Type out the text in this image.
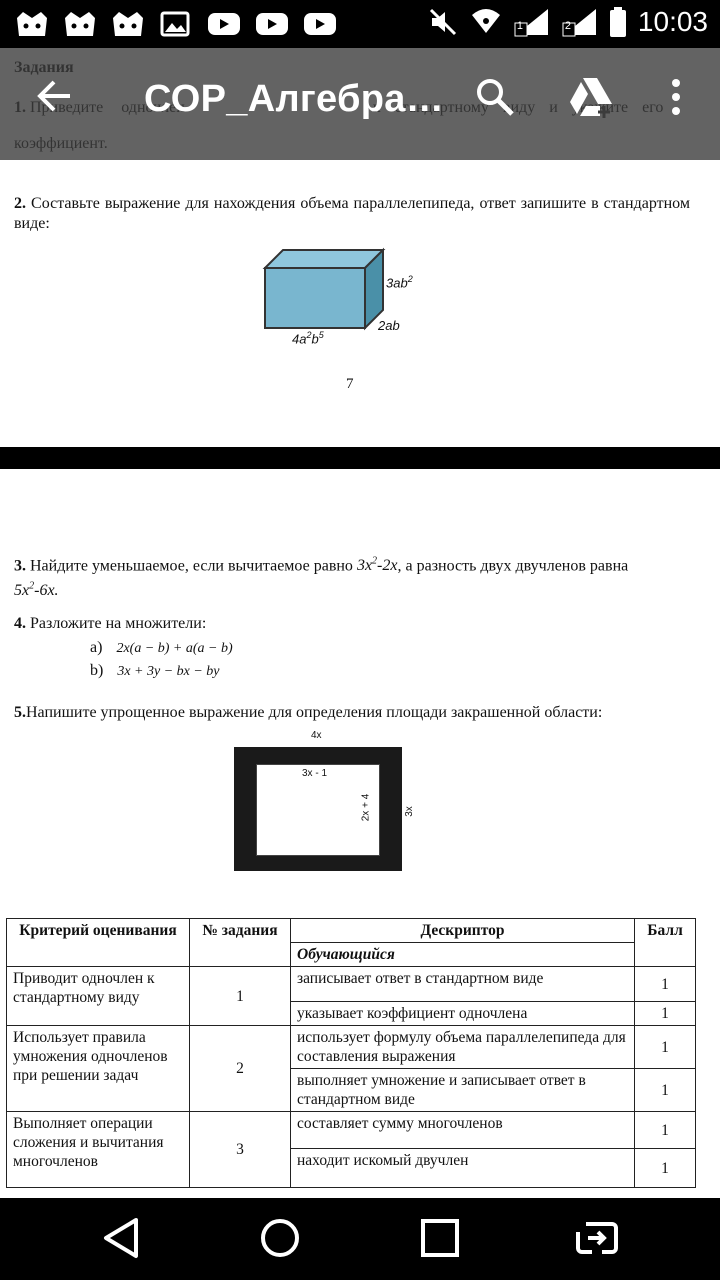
1	2 10:03
2. Составьте выражение для нахождения объема параллелепипеда, ответ запишите в стандартном виде:
$3ab^2$
2ab
$4a^2b^5$
7
3. Найдите уменьшаемое, если вычитаемое равно $3x^2-2x$, а разность двух двучленов равна
$5x^2-6x$.
4. Разложите на множители:
a) 2x(a − b) + a(a − b)
b) 3x + 3y − bx − by
5.Напишите упрощенное выражение для определения площади закрашенной области:
4x
3x
3x - 1
2x + 4
Критерий оценивания	№ задания	Дескриптор	Балл
		Обучающийся	
Приводит одночлен к стандартному виду	1	записывает ответ в стандартном виде	1
		указывает коэффициент одночлена	1
Использует правила умножения одночленов при решении задач	2	использует формулу объема параллелепипеда для составления выражения	1
		выполняет умножение и записывает ответ в стандартном виде	1
Выполняет операции сложения и вычитания многочленов	3	составляет сумму многочленов	1
		находит искомый двучлен	1
СОР_Алгебра…
